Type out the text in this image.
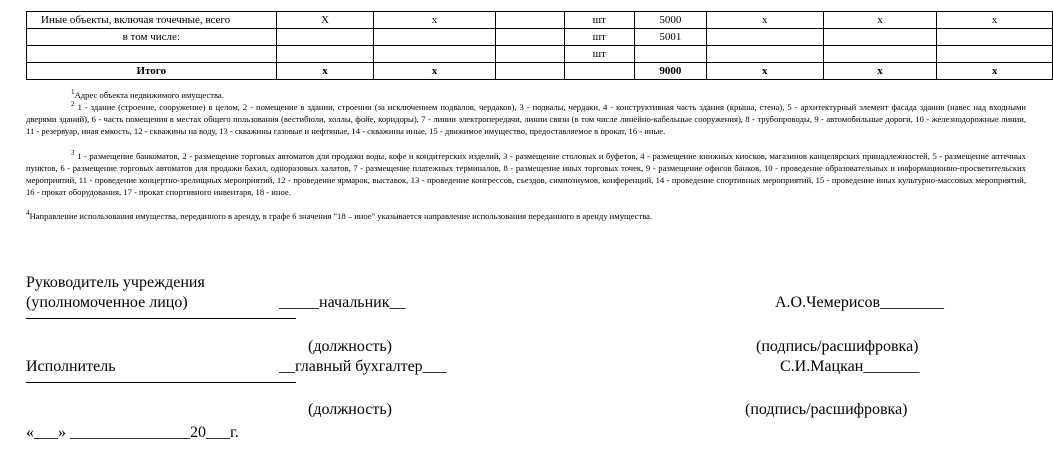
Иные объекты, включая точечные, всего	X	x		шт	5000	x	x	x
в том числе:				шт	5001			
				шт				
Итого	x	x			9000	x	x	x
$^1$Адрес объекта недвижимого имущества.
$^2$ 1 - здание (строение, сооружение) в целом, 2 - помещение в здании, строении (за исключением подвалов, чердаков), 3 - подвалы, чердаки, 4 - конструктивная часть здания (крыша, стена), 5 - архитектурный элемент фасада здания (навес над входными дверями зданий), 6 - часть помещения в местах общего пользования (вестибюли, холлы, фойе, коридоры), 7 - линии электропередачи, линии связи (в том числе линейно-кабельные сооружения), 8 - трубопроводы, 9 - автомобильные дороги, 10 - железнодорожные линии, 11 - резервуар, иная емкость, 12 - скважины на воду, 13 - скважины газовые и нефтяные, 14 - скважины иные, 15 - движимое имущество, предоставляемое в прокат, 16 - иные.
$^3$ 1 - размещение банкоматов, 2 - размещение торговых автоматов для продажи воды, кофе и кондитерских изделий, 3 - размещение столовых и буфетов, 4 - размещение книжных киосков, магазинов канцелярских принадлежностей, 5 - размещение аптечных пунктов, 6 - размещение торговых автоматов для продажи бахил, одноразовых халатов, 7 - размещение платежных терминалов, 8 - размещение иных торговых точек, 9 - размещение офисов банков, 10 - проведение образовательных и информационно-просветительских мероприятий, 11 - проведение концертно-зрелищных мероприятий, 12 - проведение ярмарок, выставок, 13 - проведение конгрессов, съездов, симпозиумов, конференций, 14 - проведение спортивных мероприятий, 15 - проведение иных культурно-массовых мероприятий, 16 - прокат оборудования, 17 - прокат спортивного инвентаря, 18 - иное.
$^4$Направление использования имущества, переданного в аренду, в графе 6 значения "18 – иное" указывается направление использования переданного в аренду имущества.
Руководитель учреждения
(уполномоченное лицо)	_____начальник__	А.О.Чемерисов________
(должность)	(подпись/расшифровка)
Исполнитель	__главный бухгалтер___	С.И.Мацкан_______
(должность)	(подпись/расшифровка)
«___» _______________20___г.
